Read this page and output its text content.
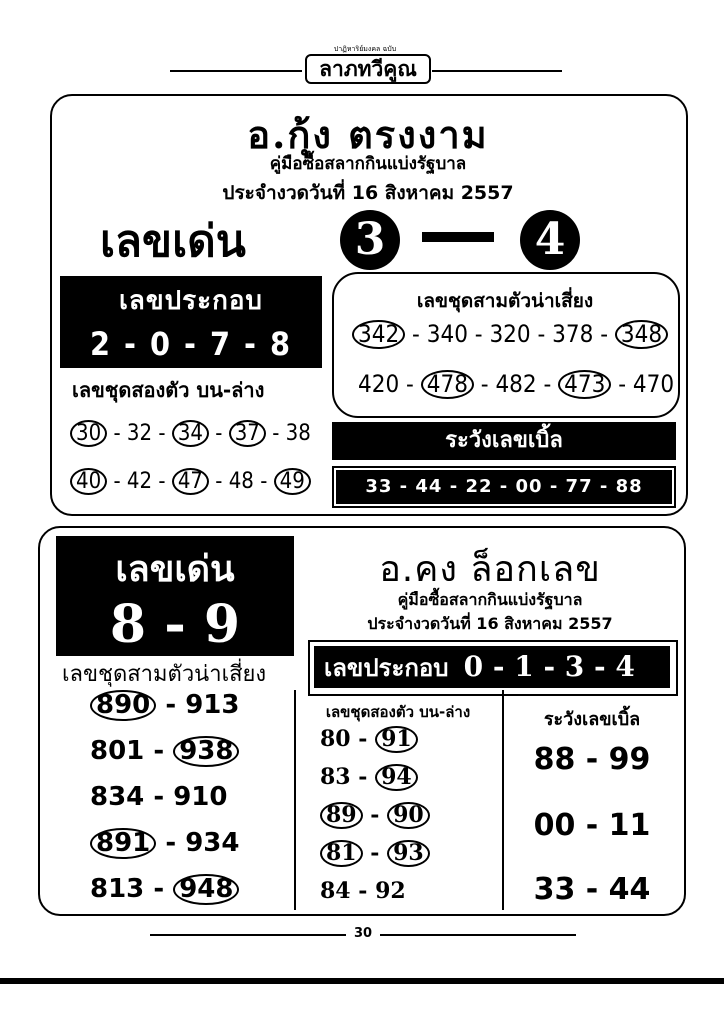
ปาฏิหาริย์มงคล ฉบับ
ลาภทวีคูณ
อ.กุ้ง ตรงงาม
คู่มือซื้อสลากกินแบ่งรัฐบาล
ประจำงวดวันที่ 16 สิงหาคม 2557
เลขเด่น	3	4
เลขประกอบ
2 - 0 - 7 - 8
เลขชุดสามตัวน่าเสี่ยง
342 - 340 - 320 - 378 - 348
420 - 478 - 482 - 473 - 470
เลขชุดสองตัว บน-ล่าง
30 - 32 - 34 - 37 - 38
40 - 42 - 47 - 48 - 49
ระวังเลขเบิ้ล
33 - 44 - 22 - 00 - 77 - 88
เลขเด่น
8 - 9
อ.คง ล็อกเลข
คู่มือซื้อสลากกินแบ่งรัฐบาล
ประจำงวดวันที่ 16 สิงหาคม 2557
เลขประกอบ 0 - 1 - 3 - 4
เลขชุดสามตัวน่าเสี่ยง
890 - 913
801 - 938
834 - 910
891 - 934
813 - 948
เลขชุดสองตัว บน-ล่าง
80 - 91
83 - 94
89 - 90
81 - 93
84 - 92
ระวังเลขเบิ้ล
88 - 99
00 - 11
33 - 44
30
